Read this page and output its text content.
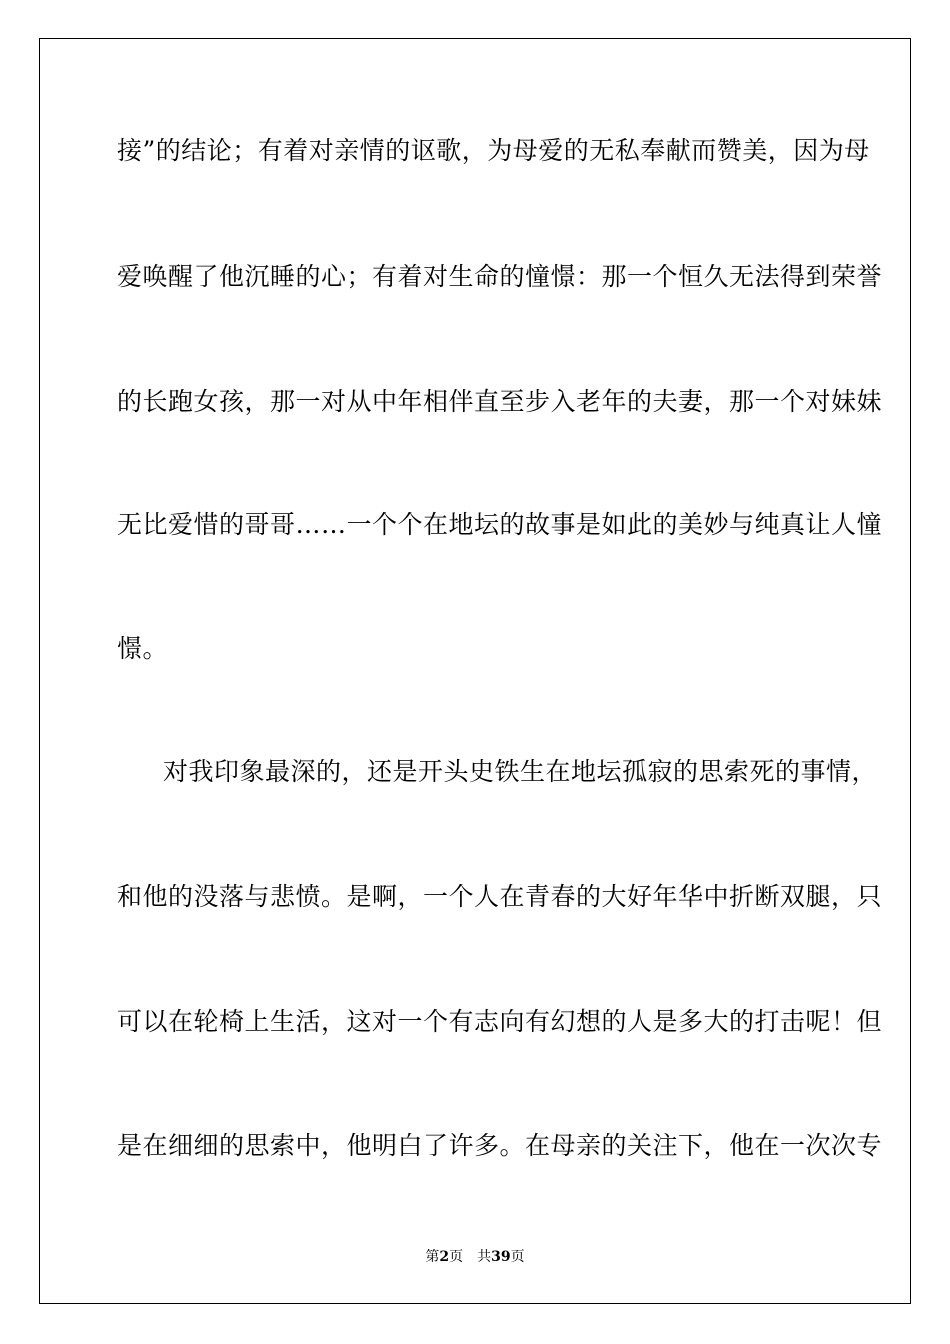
接”的结论；有着对亲情的讴歌，为母爱的无私奉献而赞美，因为母
爱唤醒了他沉睡的心；有着对生命的憧憬：那一个恒久无法得到荣誉
的长跑女孩，那一对从中年相伴直至步入老年的夫妻，那一个对妹妹
无比爱惜的哥哥……一个个在地坛的故事是如此的美妙与纯真让人憧
憬。
对我印象最深的，还是开头史铁生在地坛孤寂的思索死的事情，
和他的没落与悲愤。是啊，一个人在青春的大好年华中折断双腿，只
可以在轮椅上生活，这对一个有志向有幻想的人是多大的打击呢！但
是在细细的思索中，他明白了许多。在母亲的关注下，他在一次次专
第2页 共39页
